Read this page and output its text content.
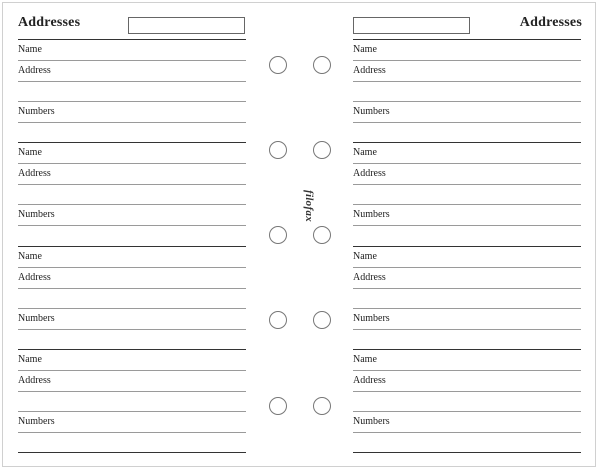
Addresses	Addresses
Name
Address
Numbers
Name
Address
Numbers
Name
Address
Numbers
Name
Address
Numbers
Name
Address
Numbers
Name
Address
Numbers
Name
Address
Numbers
Name
Address
Numbers
filofax
